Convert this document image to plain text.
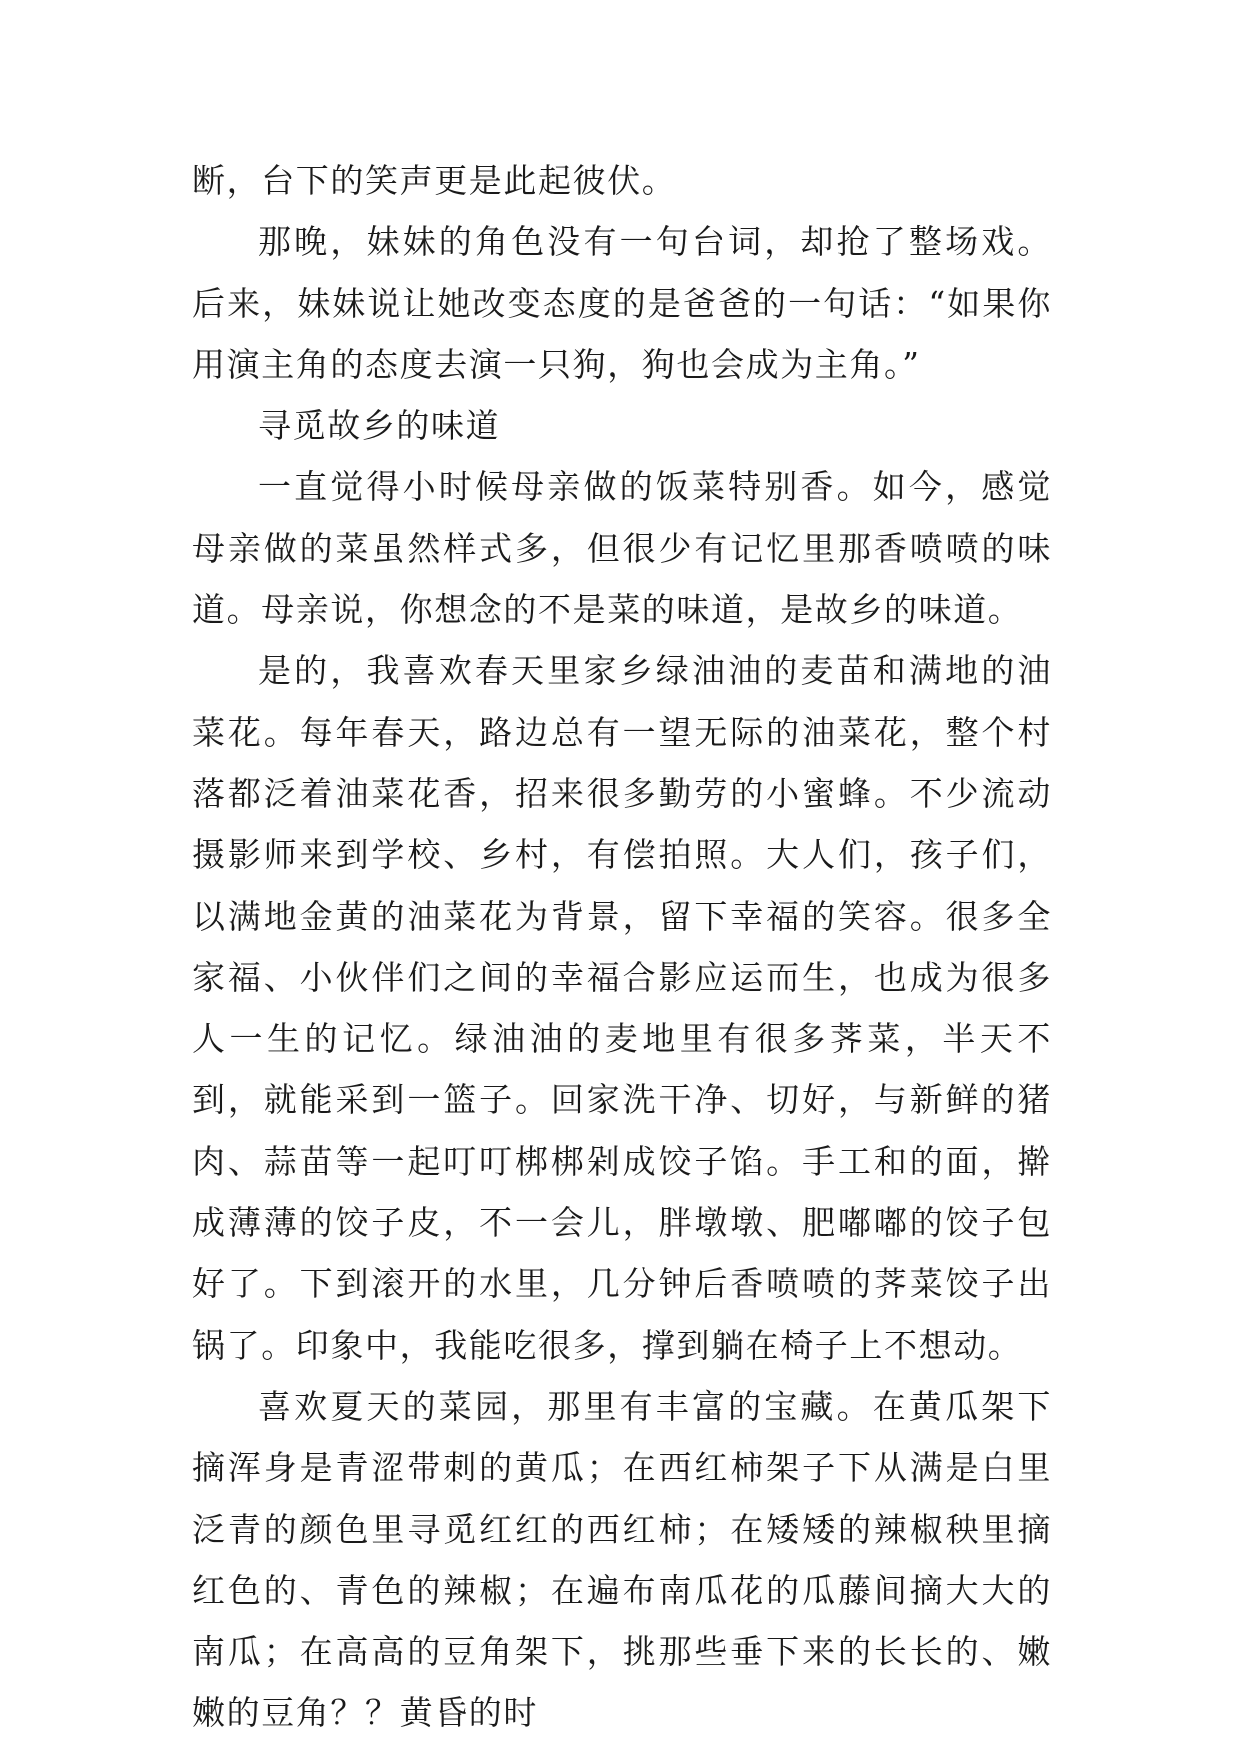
断，台下的笑声更是此起彼伏。

那晚，妹妹的角色没有一句台词，却抢了整场戏。后来，妹妹说让她改变态度的是爸爸的一句话：“如果你用演主角的态度去演一只狗，狗也会成为主角。”

寻觅故乡的味道

一直觉得小时候母亲做的饭菜特别香。如今，感觉母亲做的菜虽然样式多，但很少有记忆里那香喷喷的味道。母亲说，你想念的不是菜的味道，是故乡的味道。

是的，我喜欢春天里家乡绿油油的麦苗和满地的油菜花。每年春天，路边总有一望无际的油菜花，整个村落都泛着油菜花香，招来很多勤劳的小蜜蜂。不少流动摄影师来到学校、乡村，有偿拍照。大人们，孩子们，以满地金黄的油菜花为背景，留下幸福的笑容。很多全家福、小伙伴们之间的幸福合影应运而生，也成为很多人一生的记忆。绿油油的麦地里有很多荠菜，半天不到，就能采到一篮子。回家洗干净、切好，与新鲜的猪肉、蒜苗等一起叮叮梆梆剁成饺子馅。手工和的面，擀成薄薄的饺子皮，不一会儿，胖墩墩、肥嘟嘟的饺子包好了。下到滚开的水里，几分钟后香喷喷的荠菜饺子出锅了。印象中，我能吃很多，撑到躺在椅子上不想动。

喜欢夏天的菜园，那里有丰富的宝藏。在黄瓜架下摘浑身是青涩带刺的黄瓜；在西红柿架子下从满是白里泛青的颜色里寻觅红红的西红柿；在矮矮的辣椒秧里摘红色的、青色的辣椒；在遍布南瓜花的瓜藤间摘大大的南瓜；在高高的豆角架下，挑那些垂下来的长长的、嫩嫩的豆角？？黄昏的时
